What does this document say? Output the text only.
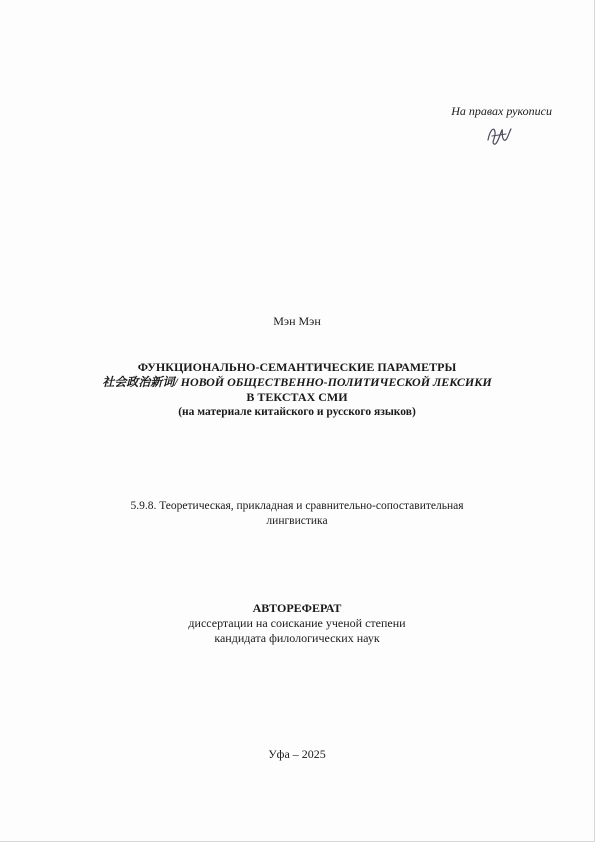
На правах рукописи
Мэн Мэн
ФУНКЦИОНАЛЬНО-СЕМАНТИЧЕСКИЕ ПАРАМЕТРЫ
社会政治新词/ НОВОЙ ОБЩЕСТВЕННО-ПОЛИТИЧЕСКОЙ ЛЕКСИКИ
В ТЕКСТАХ СМИ
(на материале китайского и русского языков)
5.9.8. Теоретическая, прикладная и сравнительно-сопоставительная
лингвистика
АВТОРЕФЕРАТ
диссертации на соискание ученой степени
кандидата филологических наук
Уфа – 2025
